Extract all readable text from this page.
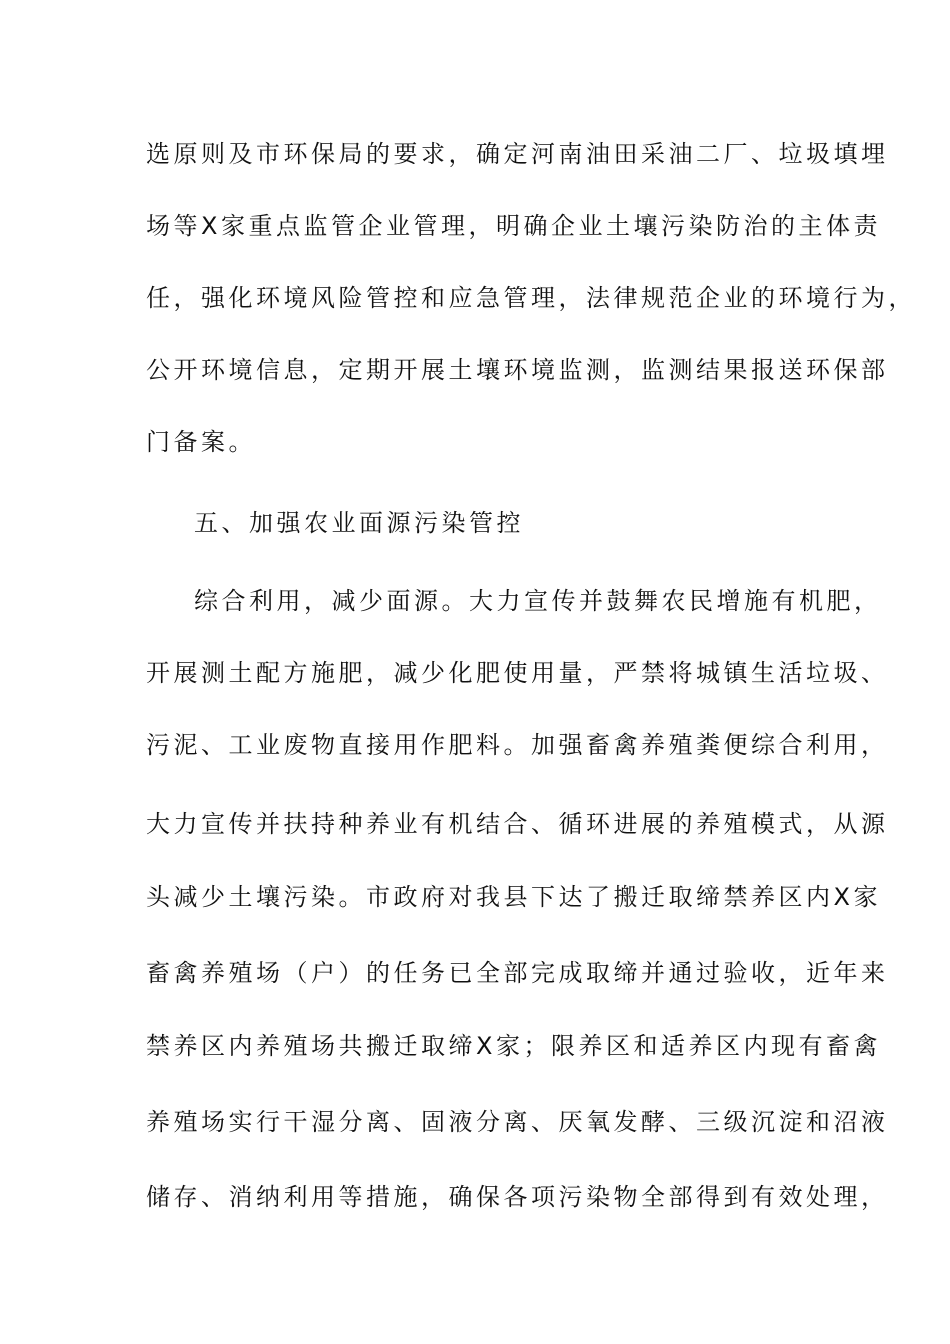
选原则及市环保局的要求，确定河南油田采油二厂、垃圾填埋
场等X家重点监管企业管理，明确企业土壤污染防治的主体责
任，强化环境风险管控和应急管理，法律规范企业的环境行为，
公开环境信息，定期开展土壤环境监测，监测结果报送环保部
门备案。
五、加强农业面源污染管控
综合利用，减少面源。大力宣传并鼓舞农民增施有机肥，
开展测土配方施肥，减少化肥使用量，严禁将城镇生活垃圾、
污泥、工业废物直接用作肥料。加强畜禽养殖粪便综合利用，
大力宣传并扶持种养业有机结合、循环进展的养殖模式，从源
头减少土壤污染。市政府对我县下达了搬迁取缔禁养区内X家
畜禽养殖场（户）的任务已全部完成取缔并通过验收，近年来
禁养区内养殖场共搬迁取缔X家；限养区和适养区内现有畜禽
养殖场实行干湿分离、固液分离、厌氧发酵、三级沉淀和沼液
储存、消纳利用等措施，确保各项污染物全部得到有效处理，
